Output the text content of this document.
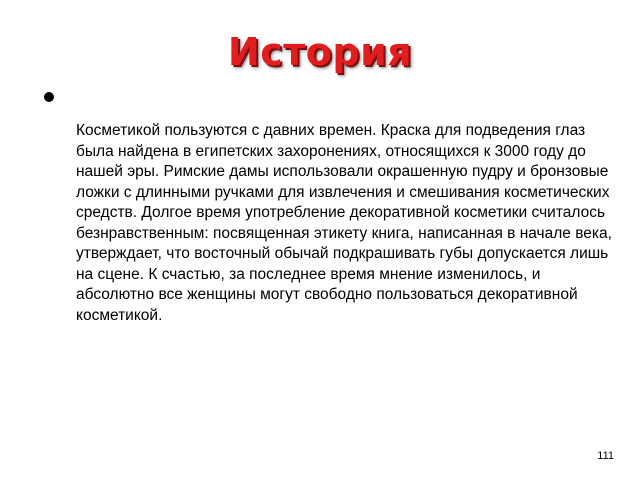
История

Косметикой пользуются с давних времен. Краска для подведения глаз была найдена в египетских захоронениях, относящихся к 3000 году до нашей эры. Римские дамы использовали окрашенную пудру и бронзовые ложки с длинными ручками для извлечения и смешивания косметических средств. Долгое время употребление декоративной косметики считалось безнравственным: посвященная этикету книга, написанная в начале века, утверждает, что восточный обычай подкрашивать губы допускается лишь на сцене. К счастью, за последнее время мнение изменилось, и абсолютно все женщины могут свободно пользоваться декоративной косметикой.

111
